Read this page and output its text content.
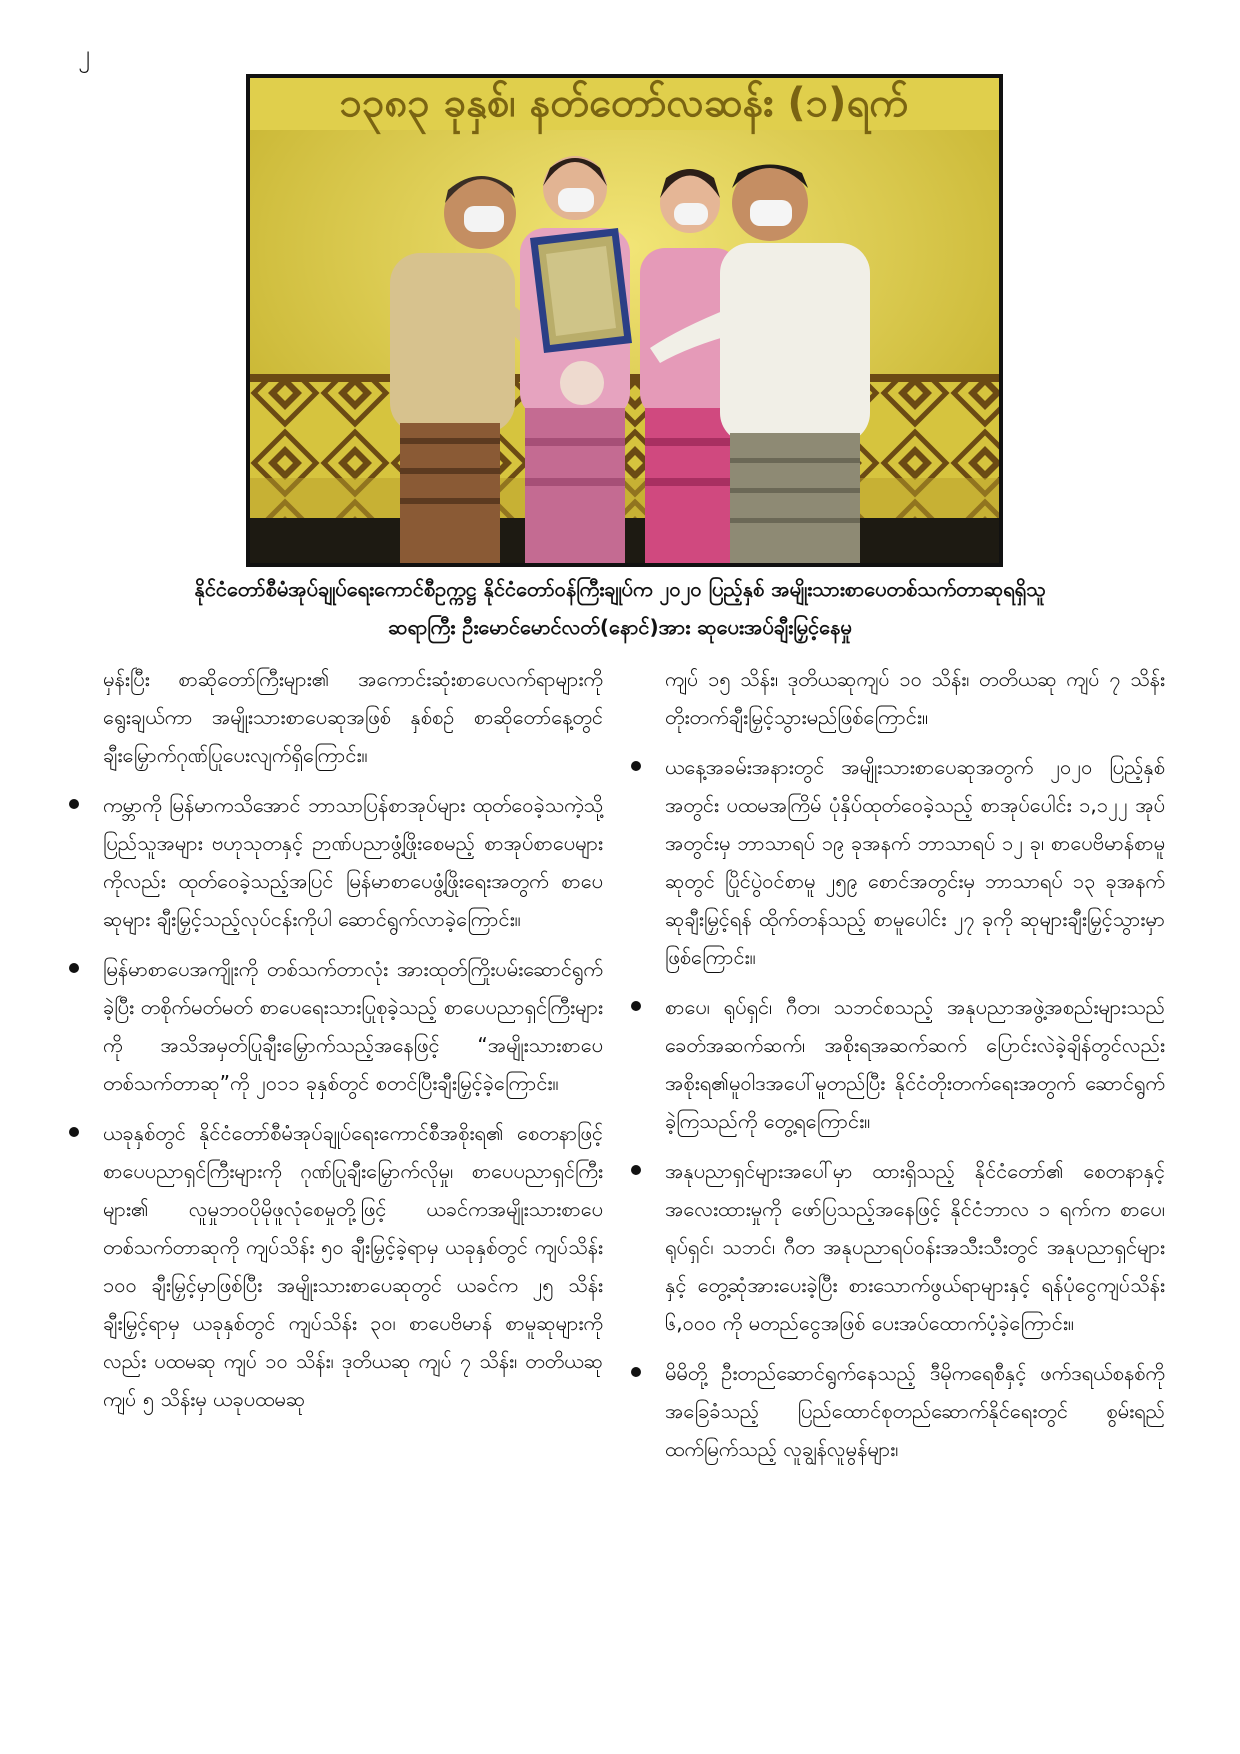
၂
၁၃၈၃ ခုနှစ်၊ နတ်တော်လဆန်း (၁)ရက်

နိုင်ငံတော်စီမံအုပ်ချုပ်ရေးကောင်စီဥက္ကဋ္ဌ နိုင်ငံတော်ဝန်ကြီးချုပ်က ၂၀၂၀ ပြည့်နှစ် အမျိုးသားစာပေတစ်သက်တာဆုရရှိသူ

ဆရာကြီး ဦးမောင်မောင်လတ်(နောင်)အား ဆုပေးအပ်ချီးမြှင့်နေမှု

မှန်းပြီး စာဆိုတော်ကြီးများ၏ အကောင်းဆုံးစာပေလက်ရာများကို ရွေးချယ်ကာ အမျိုးသားစာပေဆုအဖြစ် နှစ်စဉ် စာဆိုတော်နေ့တွင် ချီးမြှောက်ဂုဏ်ပြုပေးလျက်ရှိကြောင်း။

ကမ္ဘာကို မြန်မာကသိအောင် ဘာသာပြန်စာအုပ်များ ထုတ်ဝေခဲ့သကဲ့သို့ ပြည်သူအများ ဗဟုသုတနှင့် ဉာဏ်ပညာဖွံ့ဖြိုးစေမည့် စာအုပ်စာပေများကိုလည်း ထုတ်ဝေခဲ့သည့်အပြင် မြန်မာစာပေဖွံ့ဖြိုးရေးအတွက် စာပေဆုများ ချီးမြှင့်သည့်လုပ်ငန်းကိုပါ ဆောင်ရွက်လာခဲ့ကြောင်း။
မြန်မာစာပေအကျိုးကို တစ်သက်တာလုံး အားထုတ်ကြိုးပမ်းဆောင်ရွက်ခဲ့ပြီး တစိုက်မတ်မတ် စာပေရေးသားပြုစုခဲ့သည့် စာပေပညာရှင်ကြီးများကို အသိအမှတ်ပြုချီးမြှောက်သည့်အနေဖြင့် “အမျိုးသားစာပေတစ်သက်တာဆု”ကို ၂၀၁၁ ခုနှစ်တွင် စတင်ပြီးချီးမြှင့်ခဲ့ကြောင်း။
ယခုနှစ်တွင် နိုင်ငံတော်စီမံအုပ်ချုပ်ရေးကောင်စီအစိုးရ၏ စေတနာဖြင့် စာပေပညာရှင်ကြီးများကို ဂုဏ်ပြုချီးမြှောက်လိုမှု၊ စာပေပညာရှင်ကြီးများ၏ လူမှုဘဝပိုမိုဖူလုံစေမှုတို့ဖြင့် ယခင်ကအမျိုးသားစာပေတစ်သက်တာဆုကို ကျပ်သိန်း ၅၀ ချီးမြှင့်ခဲ့ရာမှ ယခုနှစ်တွင် ကျပ်သိန်း ၁၀၀ ချီးမြှင့်မှာဖြစ်ပြီး အမျိုးသားစာပေဆုတွင် ယခင်က ၂၅ သိန်းချီးမြှင့်ရာမှ ယခုနှစ်တွင် ကျပ်သိန်း ၃၀၊ စာပေဗိမာန် စာမူဆုများကိုလည်း ပထမဆု ကျပ် ၁၀ သိန်း၊ ဒုတိယဆု ကျပ် ၇ သိန်း၊ တတိယဆု ကျပ် ၅ သိန်းမှ ယခုပထမဆု

ကျပ် ၁၅ သိန်း၊ ဒုတိယဆုကျပ် ၁၀ သိန်း၊ တတိယဆု ကျပ် ၇ သိန်း တိုးတက်ချီးမြှင့်သွားမည်ဖြစ်ကြောင်း။

ယနေ့အခမ်းအနားတွင် အမျိုးသားစာပေဆုအတွက် ၂၀၂၀ ပြည့်နှစ်အတွင်း ပထမအကြိမ် ပုံနှိပ်ထုတ်ဝေခဲ့သည့် စာအုပ်ပေါင်း ၁,၁၂၂ အုပ်အတွင်းမှ ဘာသာရပ် ၁၉ ခုအနက် ဘာသာရပ် ၁၂ ခု၊ စာပေဗိမာန်စာမူဆုတွင် ပြိုင်ပွဲဝင်စာမူ ၂၅၉ စောင်အတွင်းမှ ဘာသာရပ် ၁၃ ခုအနက် ဆုချီးမြှင့်ရန် ထိုက်တန်သည့် စာမူပေါင်း ၂၇ ခုကို ဆုများချီးမြှင့်သွားမှာဖြစ်ကြောင်း။
စာပေ၊ ရုပ်ရှင်၊ ဂီတ၊ သဘင်စသည့် အနုပညာအဖွဲ့အစည်းများသည် ခေတ်အဆက်ဆက်၊ အစိုးရအဆက်ဆက် ပြောင်းလဲခဲ့ချိန်တွင်လည်း အစိုးရ၏မူဝါဒအပေါ်မူတည်ပြီး နိုင်ငံတိုးတက်ရေးအတွက် ဆောင်ရွက်ခဲ့ကြသည်ကို တွေ့ရကြောင်း။
အနုပညာရှင်များအပေါ်မှာ ထားရှိသည့် နိုင်ငံတော်၏ စေတနာနှင့် အလေးထားမှုကို ဖော်ပြသည့်အနေဖြင့် နိုင်ငံဘာလ ၁ ရက်က စာပေ၊ ရုပ်ရှင်၊ သဘင်၊ ဂီတ အနုပညာရပ်ဝန်းအသီးသီးတွင် အနုပညာရှင်များနှင့် တွေ့ဆုံအားပေးခဲ့ပြီး စားသောက်ဖွယ်ရာများနှင့် ရန်ပုံငွေကျပ်သိန်း ၆,၀၀၀ ကို မတည်ငွေအဖြစ် ပေးအပ်ထောက်ပံ့ခဲ့ကြောင်း။
မိမိတို့ ဦးတည်ဆောင်ရွက်နေသည့် ဒီမိုကရေစီနှင့် ဖက်ဒရယ်စနစ်ကို အခြေခံသည့် ပြည်ထောင်စုတည်ဆောက်နိုင်ရေးတွင် စွမ်းရည်ထက်မြက်သည့် လူချွန်လူမွန်များ၊
